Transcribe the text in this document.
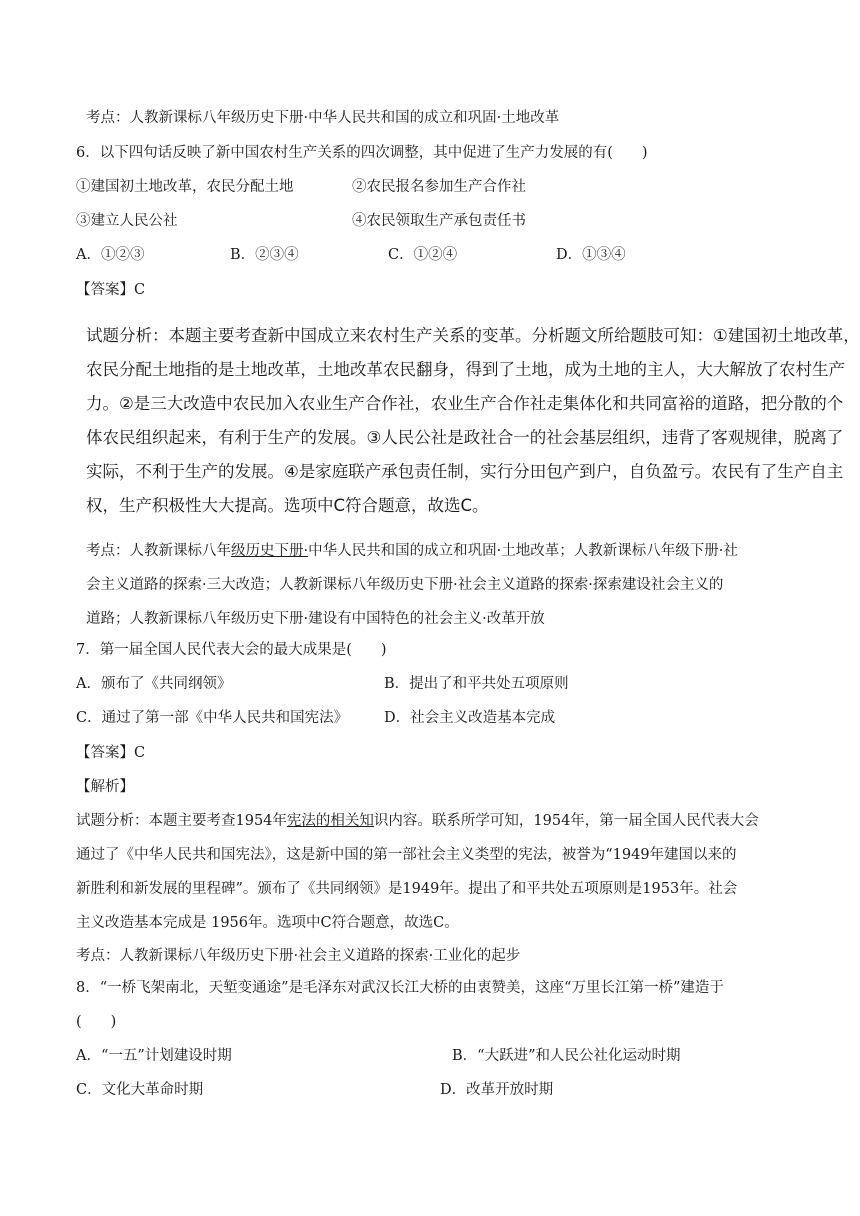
考点：人教新课标八年级历史下册·中华人民共和国的成立和巩固·土地改革
6．以下四句话反映了新中国农村生产关系的四次调整，其中促进了生产力发展的有(　　)
①建国初土地改革，农民分配土地	②农民报名参加生产合作社
③建立人民公社	④农民领取生产承包责任书
A．①②③	B．②③④	C．①②④	D．①③④
【答案】C
试题分析：本题主要考查新中国成立来农村生产关系的变革。分析题文所给题肢可知：①建国初土地改革，
农民分配土地指的是土地改革，土地改革农民翻身，得到了土地，成为土地的主人，大大解放了农村生产
力。②是三大改造中农民加入农业生产合作社，农业生产合作社走集体化和共同富裕的道路，把分散的个
体农民组织起来，有利于生产的发展。③人民公社是政社合一的社会基层组织，违背了客观规律，脱离了
实际，不利于生产的发展。④是家庭联产承包责任制，实行分田包产到户，自负盈亏。农民有了生产自主
权，生产积极性大大提高。选项中C符合题意，故选C。
考点：人教新课标八年级历史下册·中华人民共和国的成立和巩固·土地改革；人教新课标八年级下册·社
会主义道路的探索·三大改造；人教新课标八年级历史下册·社会主义道路的探索·探索建设社会主义的
道路；人教新课标八年级历史下册·建设有中国特色的社会主义·改革开放
7．第一届全国人民代表大会的最大成果是(　　)
A．颁布了《共同纲领》	B．提出了和平共处五项原则
C．通过了第一部《中华人民共和国宪法》 D．社会主义改造基本完成
【答案】C
【解析】
试题分析：本题主要考查1954年宪法的相关知识内容。联系所学可知，1954年，第一届全国人民代表大会
通过了《中华人民共和国宪法》，这是新中国的第一部社会主义类型的宪法，被誉为“1949年建国以来的
新胜利和新发展的里程碑”。颁布了《共同纲领》是1949年。提出了和平共处五项原则是1953年。社会
主义改造基本完成是 1956年。选项中C符合题意，故选C。
考点：人教新课标八年级历史下册·社会主义道路的探索·工业化的起步
8．“一桥飞架南北，天堑变通途”是毛泽东对武汉长江大桥的由衷赞美，这座“万里长江第一桥”建造于
(　　)
A．“一五”计划建设时期	B．“大跃进”和人民公社化运动时期
C．文化大革命时期	D．改革开放时期
